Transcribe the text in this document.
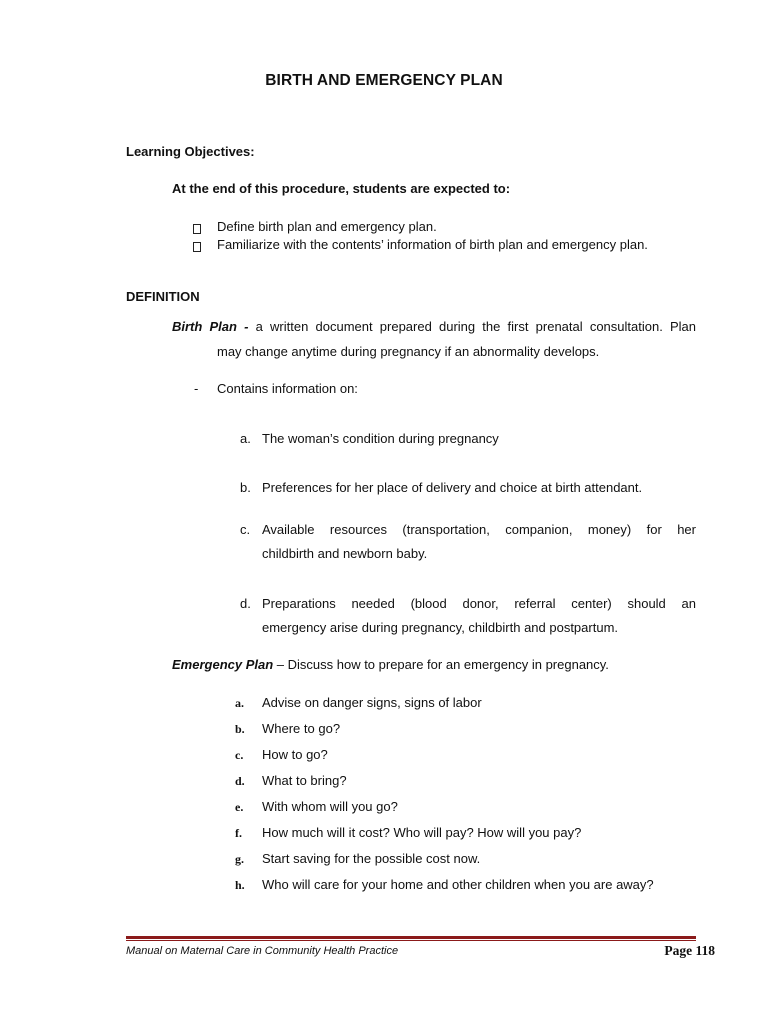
BIRTH AND EMERGENCY PLAN
Learning Objectives:
At the end of this procedure, students are expected to:
Define birth plan and emergency plan.
Familiarize with the contents’ information of birth plan and emergency plan.
DEFINITION
Birth Plan - a written document prepared during the first prenatal consultation. Plan
may change anytime during pregnancy if an abnormality develops.
- Contains information on:
a. The woman’s condition during pregnancy
b. Preferences for her place of delivery and choice at birth attendant.
c. Available resources (transportation, companion, money) for her
childbirth and newborn baby.
d. Preparations needed (blood donor, referral center) should an
emergency arise during pregnancy, childbirth and postpartum.
Emergency Plan – Discuss how to prepare for an emergency in pregnancy.
a. Advise on danger signs, signs of labor
b. Where to go?
c. How to go?
d. What to bring?
e. With whom will you go?
f. How much will it cost? Who will pay? How will you pay?
g. Start saving for the possible cost now.
h. Who will care for your home and other children when you are away?
Manual on Maternal Care in Community Health Practice	Page 118
